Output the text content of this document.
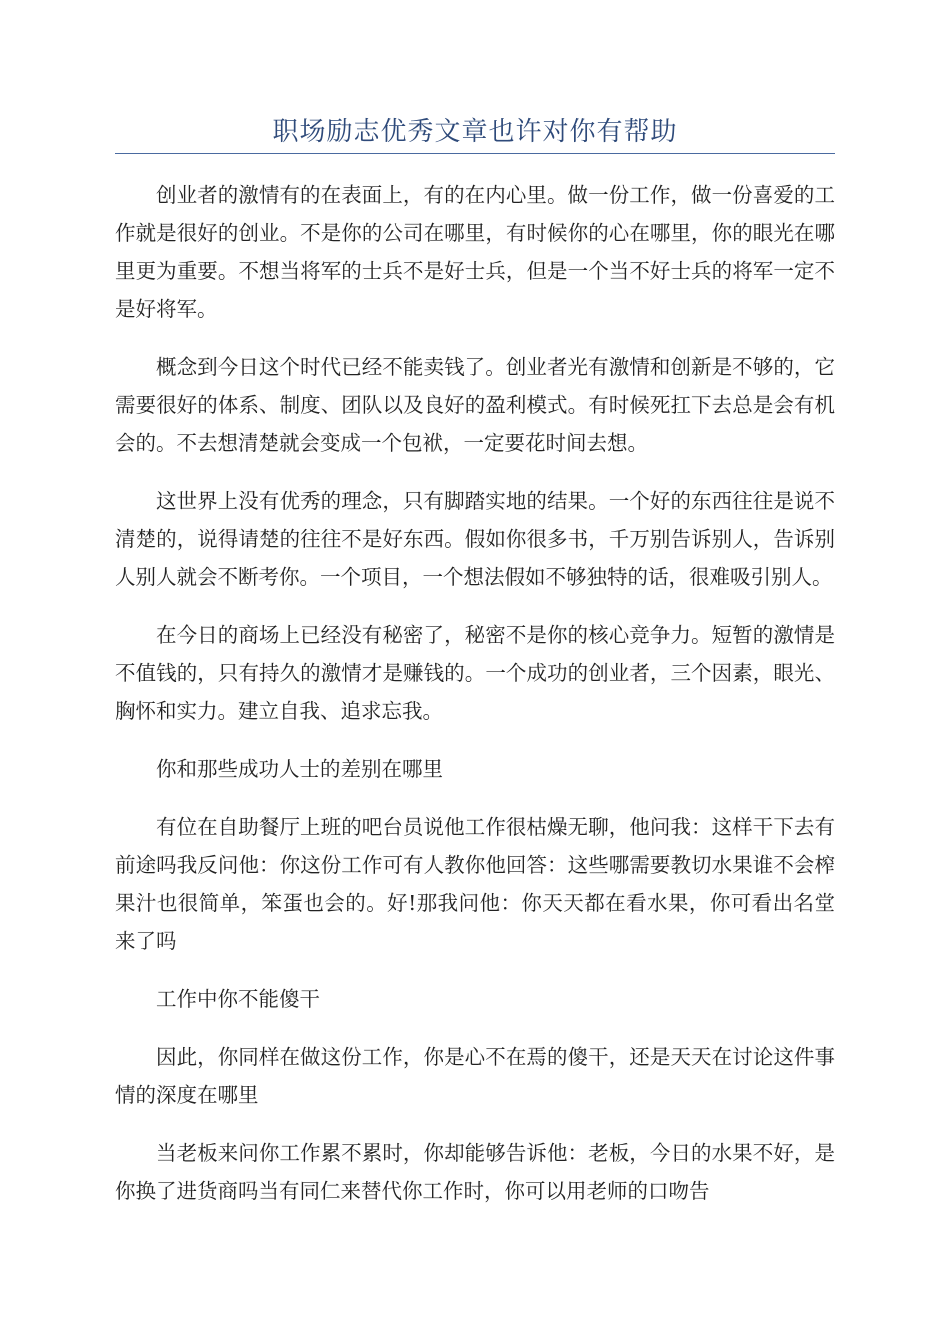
职场励志优秀文章也许对你有帮助

创业者的激情有的在表面上，有的在内心里。做一份工作，做一份喜爱的工作就是很好的创业。不是你的公司在哪里，有时候你的心在哪里，你的眼光在哪里更为重要。不想当将军的士兵不是好士兵，但是一个当不好士兵的将军一定不是好将军。

概念到今日这个时代已经不能卖钱了。创业者光有激情和创新是不够的，它需要很好的体系、制度、团队以及良好的盈利模式。有时候死扛下去总是会有机会的。不去想清楚就会变成一个包袱，一定要花时间去想。

这世界上没有优秀的理念，只有脚踏实地的结果。一个好的东西往往是说不清楚的，说得请楚的往往不是好东西。假如你很多书，千万别告诉别人，告诉别人别人就会不断考你。一个项目，一个想法假如不够独特的话，很难吸引别人。

在今日的商场上已经没有秘密了，秘密不是你的核心竞争力。短暂的激情是不值钱的，只有持久的激情才是赚钱的。一个成功的创业者，三个因素，眼光、胸怀和实力。建立自我、追求忘我。

你和那些成功人士的差别在哪里

有位在自助餐厅上班的吧台员说他工作很枯燥无聊，他问我：这样干下去有前途吗我反问他：你这份工作可有人教你他回答：这些哪需要教切水果谁不会榨果汁也很简单，笨蛋也会的。好!那我问他：你天天都在看水果，你可看出名堂来了吗

工作中你不能傻干

因此，你同样在做这份工作，你是心不在焉的傻干，还是天天在讨论这件事情的深度在哪里

当老板来问你工作累不累时，你却能够告诉他：老板，今日的水果不好，是你换了进货商吗当有同仁来替代你工作时，你可以用老师的口吻告
